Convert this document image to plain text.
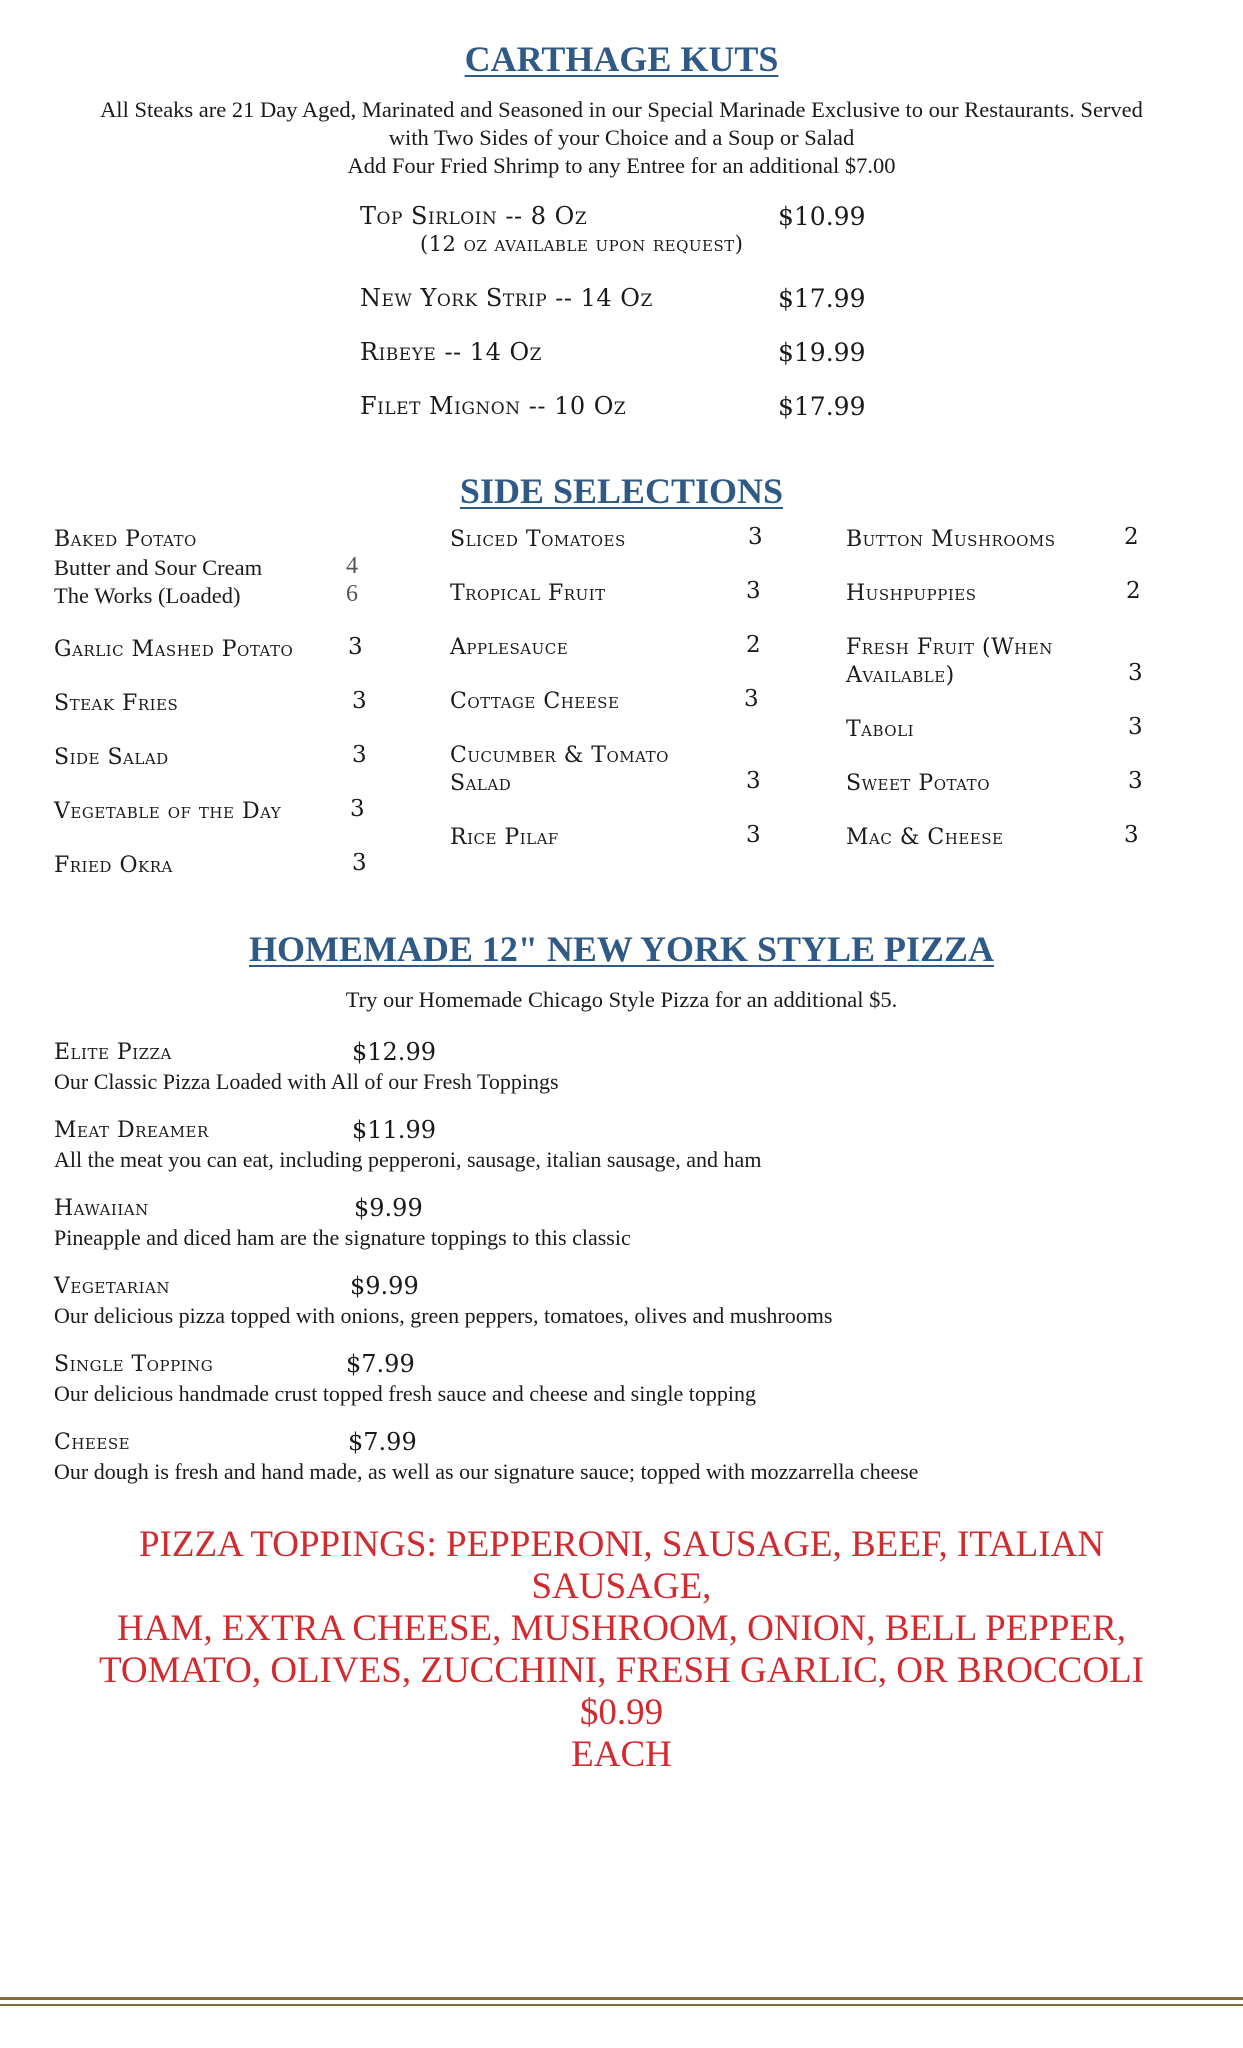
CARTHAGE KUTS
All Steaks are 21 Day Aged, Marinated and Seasoned in our Special Marinade Exclusive to our Restaurants. Served
with Two Sides of your Choice and a Soup or Salad
Add Four Fried Shrimp to any Entree for an additional $7.00
Top Sirloin -- 8 Oz	$10.99
(12 oz available upon request)
New York Strip -- 14 Oz	$17.99
Ribeye -- 14 Oz	$19.99
Filet Mignon -- 10 Oz	$17.99
SIDE SELECTIONS
Baked Potato
Butter and Sour Cream	4
The Works (Loaded)	6
Garlic Mashed Potato 3
Steak Fries	3
Side Salad	3
Vegetable of the Day	3
Fried Okra	3
Sliced Tomatoes	3
Tropical Fruit	3
Applesauce	2
Cottage Cheese	3
Cucumber & Tomato
Salad	3
Rice Pilaf	3
Button Mushrooms	2
Hushpuppies	2
Fresh Fruit (When
Available)	3
Taboli	3
Sweet Potato	3
Mac & Cheese	3
HOMEMADE 12" NEW YORK STYLE PIZZA
Try our Homemade Chicago Style Pizza for an additional $5.
Elite Pizza	$12.99
Our Classic Pizza Loaded with All of our Fresh Toppings
Meat Dreamer	$11.99
All the meat you can eat, including pepperoni, sausage, italian sausage, and ham
Hawaiian	$9.99
Pineapple and diced ham are the signature toppings to this classic
Vegetarian	$9.99
Our delicious pizza topped with onions, green peppers, tomatoes, olives and mushrooms
Single Topping	$7.99
Our delicious handmade crust topped fresh sauce and cheese and single topping
Cheese	$7.99
Our dough is fresh and hand made, as well as our signature sauce; topped with mozzarrella cheese
PIZZA TOPPINGS: PEPPERONI, SAUSAGE, BEEF, ITALIAN SAUSAGE,
HAM, EXTRA CHEESE, MUSHROOM, ONION, BELL PEPPER,
TOMATO, OLIVES, ZUCCHINI, FRESH GARLIC, OR BROCCOLI $0.99
EACH
